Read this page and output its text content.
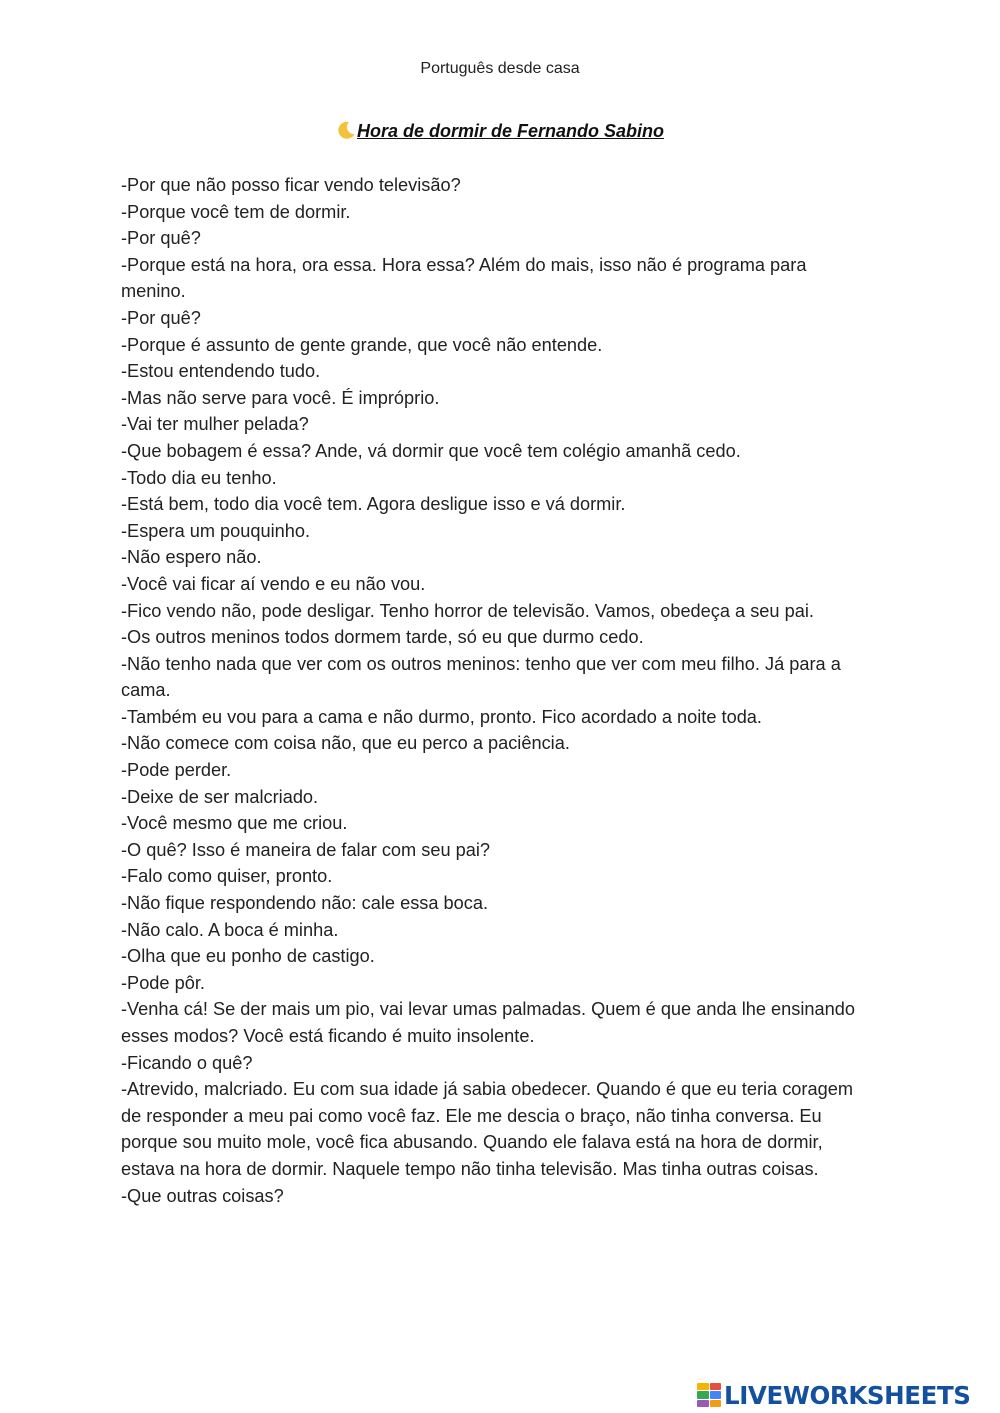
Português desde casa
Hora de dormir de Fernando Sabino

-Por que não posso ficar vendo televisão?

-Porque você tem de dormir.

-Por quê?

-Porque está na hora, ora essa. Hora essa? Além do mais, isso não é programa para menino.

-Por quê?

-Porque é assunto de gente grande, que você não entende.

-Estou entendendo tudo.

-Mas não serve para você. É impróprio.

-Vai ter mulher pelada?

-Que bobagem é essa? Ande, vá dormir que você tem colégio amanhã cedo.

-Todo dia eu tenho.

-Está bem, todo dia você tem. Agora desligue isso e vá dormir.

-Espera um pouquinho.

-Não espero não.

-Você vai ficar aí vendo e eu não vou.

-Fico vendo não, pode desligar. Tenho horror de televisão. Vamos, obedeça a seu pai.

-Os outros meninos todos dormem tarde, só eu que durmo cedo.

-Não tenho nada que ver com os outros meninos: tenho que ver com meu filho. Já para a cama.

-Também eu vou para a cama e não durmo, pronto. Fico acordado a noite toda.

-Não comece com coisa não, que eu perco a paciência.

-Pode perder.

-Deixe de ser malcriado.

-Você mesmo que me criou.

-O quê? Isso é maneira de falar com seu pai?

-Falo como quiser, pronto.

-Não fique respondendo não: cale essa boca.

-Não calo. A boca é minha.

-Olha que eu ponho de castigo.

-Pode pôr.

-Venha cá! Se der mais um pio, vai levar umas palmadas. Quem é que anda lhe ensinando esses modos? Você está ficando é muito insolente.

-Ficando o quê?

-Atrevido, malcriado. Eu com sua idade já sabia obedecer. Quando é que eu teria coragem de responder a meu pai como você faz. Ele me descia o braço, não tinha conversa. Eu porque sou muito mole, você fica abusando. Quando ele falava está na hora de dormir, estava na hora de dormir. Naquele tempo não tinha televisão. Mas tinha outras coisas.

-Que outras coisas?

LIVEWORKSHEETS
